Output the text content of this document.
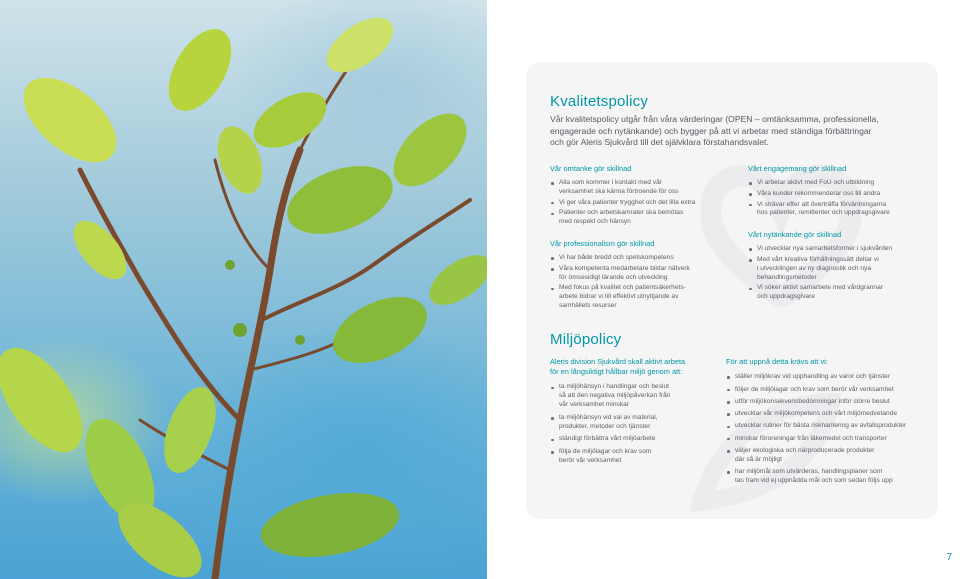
Kvalitetspolicy
Vår kvalitetspolicy utgår från våra värderingar (OPEN – omtänksamma, professionella,
engagerade och nytänkande) och bygger på att vi arbetar med ständiga förbättringar
och gör Aleris Sjukvård till det självklara förstahandsvalet.
Vår omtanke gör skillnad
Alla som kommer i kontakt med vår
verksamhet ska känna förtroende för oss
Vi ger våra patienter trygghet och det lilla extra
Patienter och arbetskamrater ska bemötas
med respekt och hänsyn
Vår professionalism gör skillnad
Vi har både bredd och spetskompetens
Våra kompetenta medarbetare bildar nätverk
för ömsesidigt lärande och utveckling
Med fokus på kvalitet och patientsäkerhets-
arbete bidrar vi till effektivt utnyttjande av
samhällets resurser
Vårt engagemang gör skillnad
Vi arbetar aktivt med FoU och utbildning
Våra kunder rekommenderar oss till andra
Vi strävar efter att överträffa förväntningarna
hos patienter, remittenter och uppdragsgivare
Vårt nytänkande gör skillnad
Vi utvecklar nya samarbetsformer i sjukvården
Med vårt kreativa förhållningssätt deltar vi
i utvecklingen av ny diagnostik och nya
behandlingsmetoder
Vi söker aktivt samarbete med vårdgrannar
och uppdragsgivare
Miljöpolicy
Aleris division Sjukvård skall aktivt arbeta
för en långsiktigt hållbar miljö genom att:
ta miljöhänsyn i handlingar och beslut
så att den negativa miljöpåverkan från
vår verksamhet minskar
ta miljöhänsyn vid val av material,
produkter, metoder och tjänster
ständigt förbättra vårt miljöarbete
följa de miljölagar och krav som
berör vår verksamhet
För att uppnå detta krävs att vi:
ställer miljökrav vid upphandling av varor och tjänster
följer de miljölagar och krav som berör vår verksamhet
utför miljökonsekvensbedömningar inför större beslut
utvecklar vår miljökompetens och vårt miljömedvetande
utvecklar rutiner för bästa riskhantering av avfallsprodukter
minskar föroreningar från läkemedel och transporter
väljer ekologiska och närproducerade produkter
där så är möjligt
har miljömål som utvärderas, handlingsplaner som
tas fram vid ej uppnådda mål och som sedan följs upp
7
